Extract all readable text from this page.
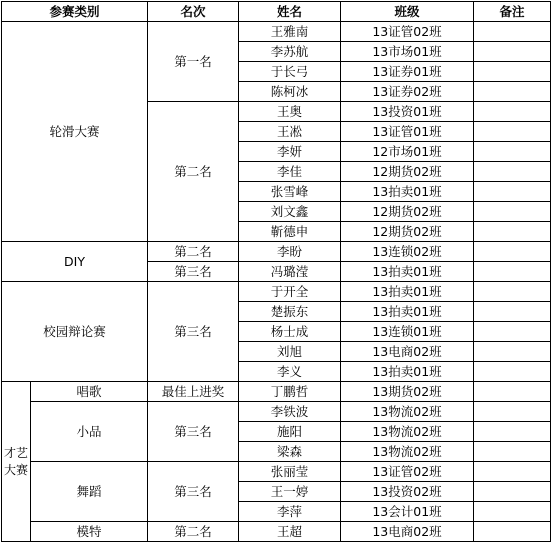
参赛类别		名次	姓名	班级	备注
轮滑大赛		第一名	王雅南	13证管02班	
			李苏航	13市场01班	
			于长弓	13证券01班	
			陈柯冰	13证券02班	
		第二名	王奥	13投资01班	
			王凇	13证管01班	
			李妍	12市场01班	
			李佳	12期货02班	
			张雪峰	13拍卖01班	
			刘文鑫	12期货02班	
			靳德申	12期货02班	
DIY		第二名	李盼	13连锁02班	
		第三名	冯璐滢	13拍卖01班	
校园辩论赛		第三名	于开全	13拍卖01班	
			楚振东	13拍卖01班	
			杨士成	13连锁01班	
			刘旭	13电商02班	
			李义	13拍卖01班	
才艺大赛	唱歌	最佳上进奖	丁鹏哲	13期货02班	
	小品	第三名	李铁波	13物流02班	
			施阳	13物流02班	
			梁森	13物流02班	
	舞蹈	第三名	张丽莹	13证管02班	
			王一婷	13投资02班	
			李萍	13会计01班	
	模特	第二名	王超	13电商02班	
